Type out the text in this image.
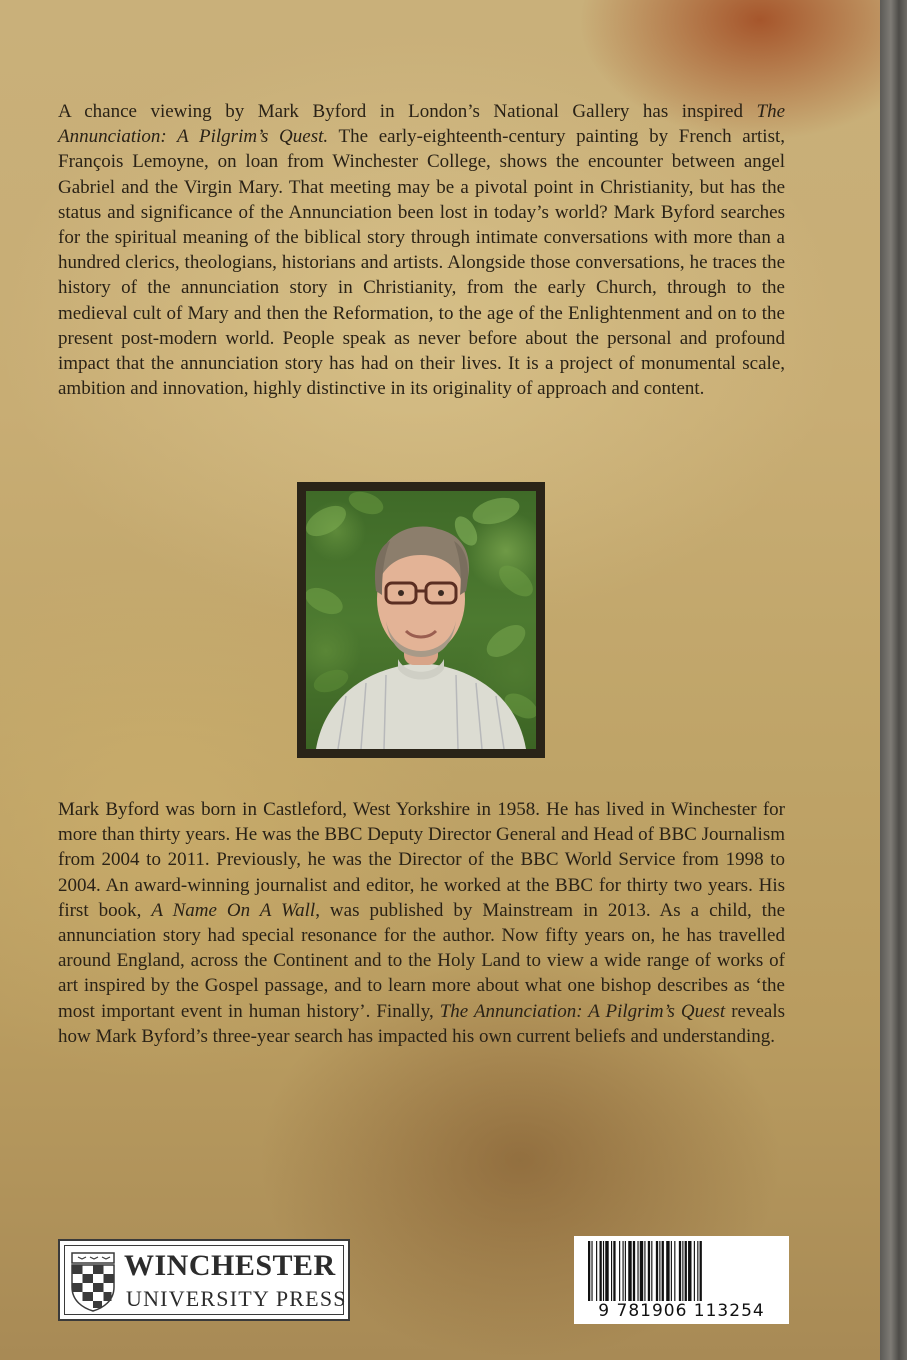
A chance viewing by Mark Byford in London’s National Gallery has inspired The Annunciation: A Pilgrim’s Quest. The early-eighteenth-century painting by French artist, François Lemoyne, on loan from Winchester College, shows the encounter between angel Gabriel and the Virgin Mary. That meeting may be a pivotal point in Christianity, but has the status and significance of the Annunciation been lost in today’s world? Mark Byford searches for the spiritual meaning of the biblical story through intimate conversations with more than a hundred clerics, theologians, historians and artists. Alongside those conversations, he traces the history of the annunciation story in Christianity, from the early Church, through to the medieval cult of Mary and then the Reformation, to the age of the Enlightenment and on to the present post-modern world. People speak as never before about the personal and profound impact that the annunciation story has had on their lives. It is a project of monumental scale, ambition and innovation, highly distinctive in its originality of approach and content.

Mark Byford was born in Castleford, West Yorkshire in 1958. He has lived in Winchester for more than thirty years. He was the BBC Deputy Director General and Head of BBC Journalism from 2004 to 2011. Previously, he was the Director of the BBC World Service from 1998 to 2004. An award-winning journalist and editor, he worked at the BBC for thirty two years. His first book, A Name On A Wall, was published by Mainstream in 2013. As a child, the annunciation story had special resonance for the author. Now fifty years on, he has travelled around England, across the Continent and to the Holy Land to view a wide range of works of art inspired by the Gospel passage, and to learn more about what one bishop describes as ‘the most important event in human history’. Finally, The Annunciation: A Pilgrim’s Quest reveals how Mark Byford’s three-year search has impacted his own current beliefs and understanding.

WINCHESTER
UNIVERSITY PRESS	9 781906 113254
